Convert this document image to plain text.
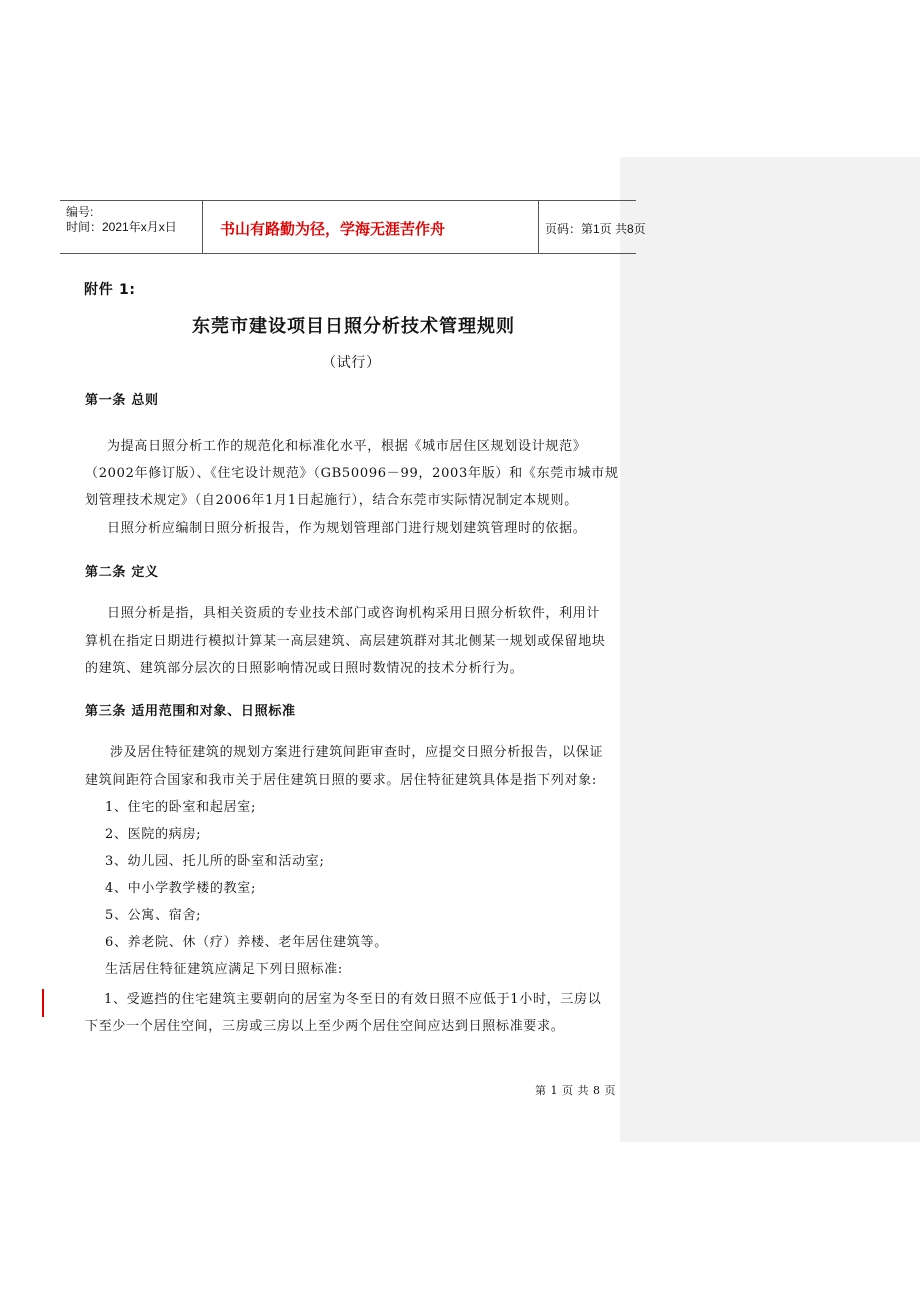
编号:
时间：2021年x月x日	书山有路勤为径，学海无涯苦作舟	页码：第1页 共8页
附件 1:
东莞市建设项目日照分析技术管理规则
（试行）
第一条 总则
为提高日照分析工作的规范化和标准化水平，根据《城市居住区规划设计规范》
（2002年修订版）、《住宅设计规范》（GB50096－99，2003年版）和《东莞市城市规
划管理技术规定》（自2006年1月1日起施行），结合东莞市实际情况制定本规则。
日照分析应编制日照分析报告，作为规划管理部门进行规划建筑管理时的依据。
第二条 定义
日照分析是指，具相关资质的专业技术部门或咨询机构采用日照分析软件，利用计
算机在指定日期进行模拟计算某一高层建筑、高层建筑群对其北侧某一规划或保留地块
的建筑、建筑部分层次的日照影响情况或日照时数情况的技术分析行为。
第三条 适用范围和对象、日照标准
涉及居住特征建筑的规划方案进行建筑间距审查时，应提交日照分析报告，以保证
建筑间距符合国家和我市关于居住建筑日照的要求。居住特征建筑具体是指下列对象:
1、住宅的卧室和起居室;
2、医院的病房;
3、幼儿园、托儿所的卧室和活动室;
4、中小学教学楼的教室;
5、公寓、宿舍;
6、养老院、休（疗）养楼、老年居住建筑等。
生活居住特征建筑应满足下列日照标准:
1、受遮挡的住宅建筑主要朝向的居室为冬至日的有效日照不应低于1小时，三房以
下至少一个居住空间，三房或三房以上至少两个居住空间应达到日照标准要求。
第 1 页 共 8 页
